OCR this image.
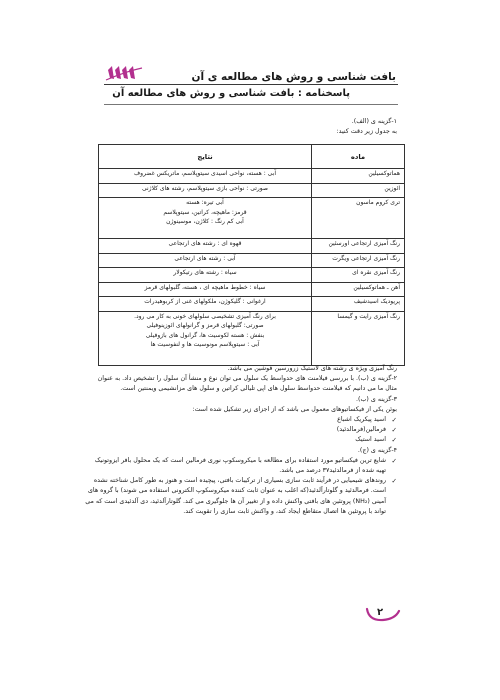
بافت شناسی و روش های مطالعه ی آن
پاسخنامه : بافت شناسی و روش های مطالعه آن
۱-گزینه ی (الف).
به جدول زیر دقت کنید:
ماده	نتایج
هماتوکسیلین	آبی : هسته، نواحی اسیدی سیتوپلاسم، ماتریکس غضروف

ائوزین	صورتی : نواحی بازی سیتوپلاسم، رشته های کلاژنی

تری کروم ماسون	آبی تیره: هسته
قرمز: ماهیچه، کراتین، سیتوپلاسم
آبی کم رنگ : کلاژن، موسینوژن

رنگ آمیزی ارتجاعی اورسئین	قهوه ای : رشته های ارتجاعی

رنگ آمیزی ارتجاعی ویگرت	آبی : رشته های ارتجاعی

رنگ آمیزی نقره ای	سیاه : رشته های رتیکولار

آهن ـ هماتوکسیلین	سیاه : خطوط ماهیچه ای ، هسته، گلبولهای قرمز

پریودیک اسیدشیف	ارغوانی : گلیکوژن، ملکولهای غنی از کربوهیدرات

رنگ آمیزی رایت و گیمسا	برای رنگ آمیزی تشخیصی سلولهای خونی به کار می رود.
صورتی: گلبولهای قرمز و گرانولهای ائوزینوفیلی
بنفش : هسته لکوسیت ها، گرانول های بازوفیلی
آبی : سیتوپلاسم مونوسیت ها و لنفوسیت ها

رنگ آمیزی ویژه ی رشته های لاستیک زرورسین فوشین می باشد.

۲-گزینه ی (ب). با بررسی فیلامنت های حدواسط یک سلول می توان نوع و منشأ آن سلول را تشخیص داد. به عنوان مثال ما می دانیم که فیلامنت حدواسط سلول های اپی تلیالی کراتین و سلول های مزانشیمی ویمنتین است.

۳-گزینه ی (ب).

بوئن یکی از فیکساتیوهای معمول می باشد که از اجزای زیر تشکیل شده است:

✓ اسید پیکریک اشباع

✓ فرمالین(فرمالدئید)

✓ اسید استیک

۴-گزینه ی (ج).

✓ شایع ترین فیکساتیو مورد استفاده برای مطالعه با میکروسکوپ نوری فرمالین است که یک محلول بافر ایزوتونیک تهیه شده از فرمالدئید۳۷ درصد می باشد.

✓ روندهای شیمیایی در فرآیند ثابت سازی بسیاری از ترکیبات بافتی، پیچیده است و هنوز به طور کامل شناخته نشده است. فرمالدئید و گلوتارآلدئید(که اغلب به عنوان ثابت کننده میکروسکوپ الکترونی استفاده می شوند) با گروه های آمینی (NH₂) پروتئین های بافتی واکنش داده و از تغییر آن ها جلوگیری می کند. گلوتارآلدئید، دی آلدئیدی است که می تواند با پروتئین ها اتصال متقاطع ایجاد کند، و واکنش ثابت سازی را تقویت کند.

۲
